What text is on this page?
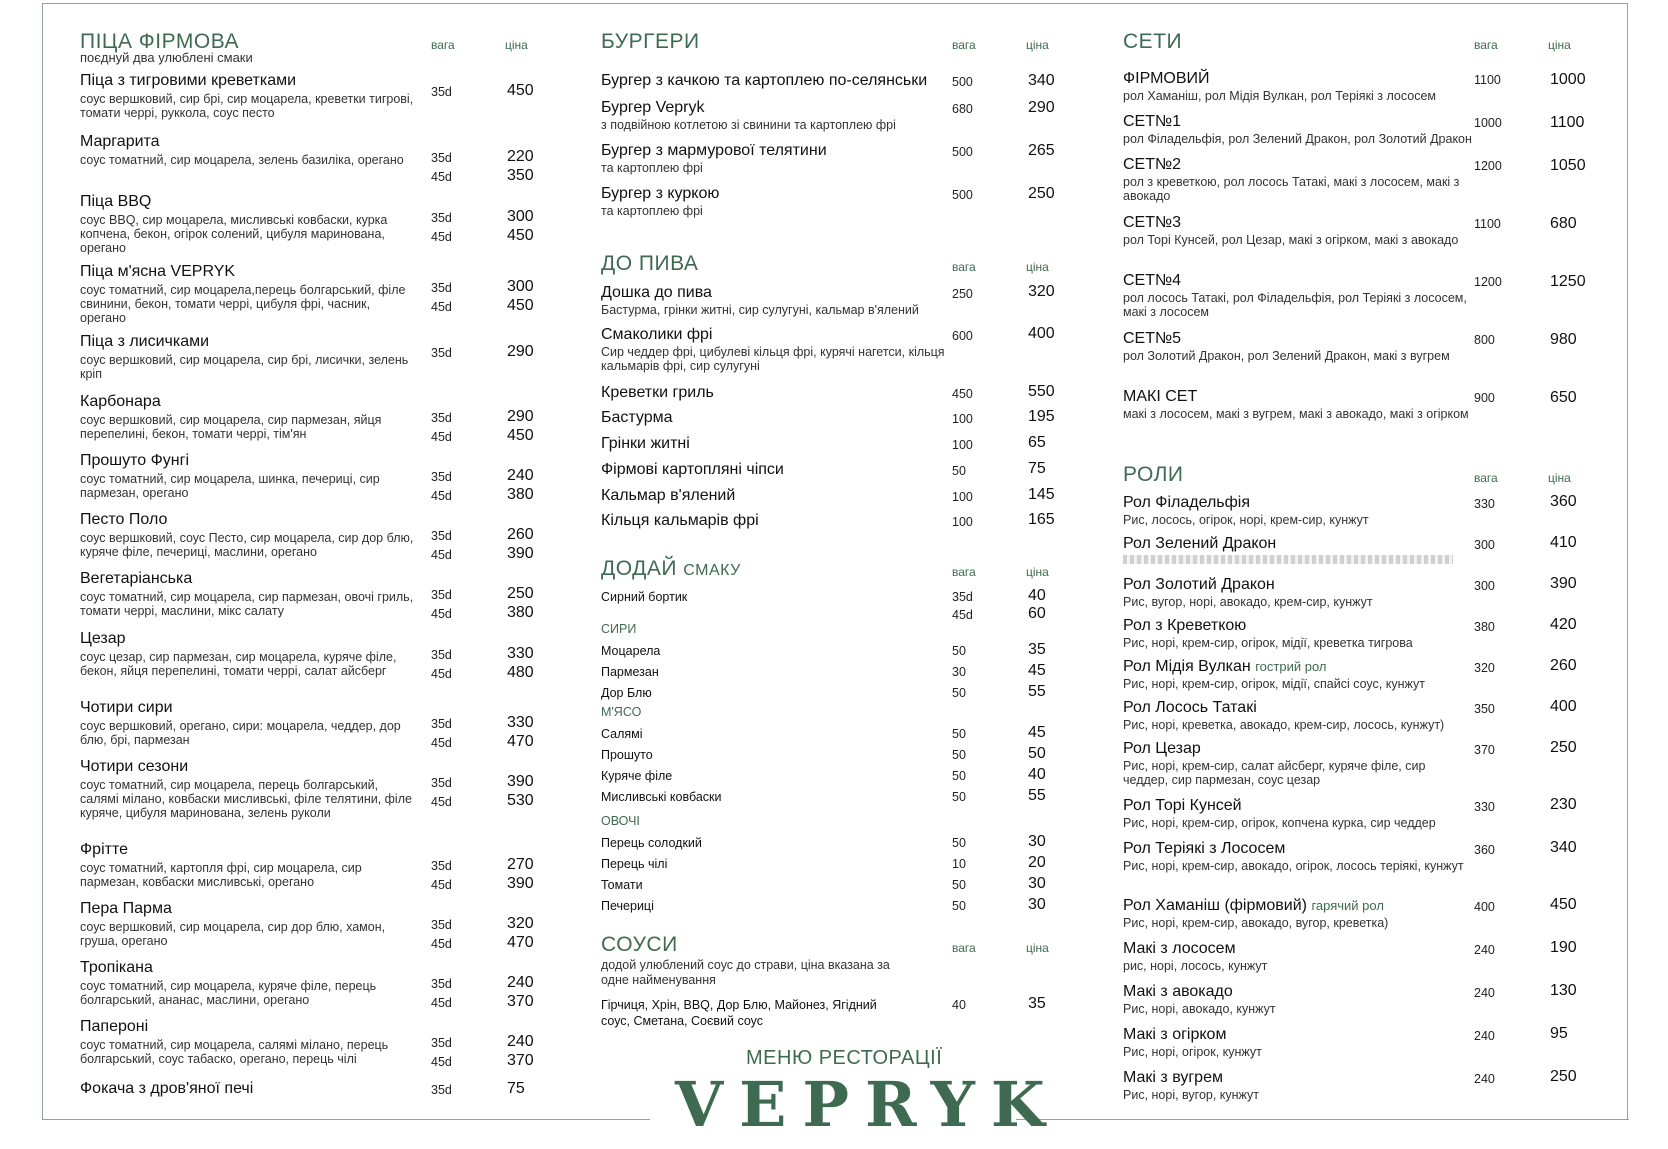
ПІЦА ФІРМОВА
поєднуй два улюблені смаки
вага	ціна
Піца з тигровими креветками
соус вершковий, сир брі, сир моцарела, креветки тигрові, томати черрі, руккола, соус песто
35d	450
Маргарита
соус томатний, сир моцарела, зелень базиліка, орегано	35d	220
45d	350
Піца BBQ
соус BBQ, сир моцарела, мисливські ковбаски, курка копчена, бекон, огірок солений, цибуля маринована, орегано
35d	300
45d	450
Піца м'ясна VEPRYK
соус томатний, сир моцарела,перець болгарський, філе свинини, бекон, томати черрі, цибуля фрі, часник, орегано
35d	300
45d	450
Піца з лисичками
соус вершковий, сир моцарела, сир брі, лисички, зелень кріп
35d	290
Карбонара
соус вершковий, сир моцарела, сир пармезан, яйця перепелині, бекон, томати черрі, тім'ян
35d	290
45d	450
Прошуто Фунгі
соус томатний, сир моцарела, шинка, печериці, сир пармезан, орегано
35d	240
45d	380
Песто Поло
соус вершковий, соус Песто, сир моцарела, сир дор блю, куряче філе, печериці, маслини, орегано
35d	260
45d	390
Вегетаріанська
соус томатний, сир моцарела, сир пармезан, овочі гриль, томати черрі, маслини, мікс салату
35d	250
45d	380
Цезар
соус цезар, сир пармезан, сир моцарела, куряче філе, бекон, яйця перепелині, томати черрі, салат айсберг
35d	330
45d	480
Чотири сири
соус вершковий, орегано, сири: моцарела, чеддер, дор блю, брі, пармезан
35d	330
45d	470
Чотири сезони
соус томатний, сир моцарела, перець болгарський, салямі мілано, ковбаски мисливські, філе телятини, філе куряче, цибуля маринована, зелень руколи
35d	390
45d	530
Фрітте
соус томатний, картопля фрі, сир моцарела, сир пармезан, ковбаски мисливські, орегано
35d	270
45d	390
Пера Парма
соус вершковий, сир моцарела, сир дор блю, хамон, груша, орегано
35d	320
45d	470
Тропікана
соус томатний, сир моцарела, куряче філе, перець болгарський, ананас, маслини, орегано
35d	240
45d	370
Папероні
соус томатний, сир моцарела, салямі мілано, перець болгарський, соус табаско, орегано, перець чілі
35d	240
45d	370
Фокача з дров'яної печі	35d	75
БУРГЕРИ	вага	ціна
Бургер з качкою та картоплею по-селянськи 500	340
Бургер Vepryk
з подвійною котлетою зі свинини та картоплею фрі
680	290
Бургер з мармурової телятини
та картоплею фрі
500	265
Бургер з куркою
та картоплею фрі
500	250
ДО ПИВА	вага	ціна
Дошка до пива
Бастурма, грінки житні, сир сулугуні, кальмар в'ялений
250	320
Смаколики фрі
Сир чеддер фрі, цибулеві кільця фрі, курячі нагетси, кільця кальмарів фрі, сир сулугуні
600	400
Креветки гриль	450	550
Бастурма	100	195
Грінки житні	100	65
Фірмові картопляні чіпси	50	75
Кальмар в'ялений	100	145
Кільця кальмарів фрі	100	165
ДОДАЙ СМАКУ	вага	ціна
Сирний бортик	35d	40
45d	60
СИРИ
Моцарела	50	35
Пармезан	30	45
Дор Блю	50	55
М'ЯСО
Салямі	50	45
Прошуто	50	50
Куряче філе	50	40
Мисливські ковбаски	50	55
ОВОЧІ
Перець солодкий	50	30
Перець чілі	10	20
Томати	50	30
Печериці	50	30
СОУСИ
додой улюблений соус до страви, ціна вказана за одне найменування
вага	ціна
Гірчиця, Хрін, BBQ, Дор Блю, Майонез, Ягідний соус, Сметана, Соєвий соус
40	35
СЕТИ	вага	ціна
ФІРМОВИЙ
рол Хаманіш, рол Мідія Вулкан, рол Теріякі з лососем
1100	1000
СЕТ№1
рол Філадельфія, рол Зелений Дракон, рол Золотий Дракон
1000	1100
СЕТ№2
рол з креветкою, рол лосось Татакі, макі з лососем, макі з авокадо
1200	1050
СЕТ№3
рол Торі Кунсей, рол Цезар, макі з огірком, макі з авокадо
1100	680
СЕТ№4
рол лосось Татакі, рол Філадельфія, рол Теріякі з лососем, макі з лососем
1200	1250
СЕТ№5
рол Золотий Дракон, рол Зелений Дракон, макі з вугрем
800	980
МАКІ СЕТ
макі з лососем, макі з вугрем, макі з авокадо, макі з огірком
900	650
РОЛИ	вага	ціна
Рол Філадельфія
Рис, лосось, огірок, норі, крем-сир, кунжут
330	360
Рол Зелений Дракон	300	410
Рол Золотий Дракон
Рис, вугор, норі, авокадо, крем-сир, кунжут
300	390
Рол з Креветкою
Рис, норі, крем-сир, огірок, мідії, креветка тигрова
380	420
Рол Мідія Вулкан гострий рол
Рис, норі, крем-сир, огірок, мідії, спайсі соус, кунжут
320	260
Рол Лосось Татакі
Рис, норі, креветка, авокадо, крем-сир, лосось, кунжут)
350	400
Рол Цезар
Рис, норі, крем-сир, салат айсберг, куряче філе, сир чеддер, сир пармезан, соус цезар
370	250
Рол Торі Кунсей
Рис, норі, крем-сир, огірок, копчена курка, сир чеддер
330	230
Рол Теріякі з Лососем
Рис, норі, крем-сир, авокадо, огірок, лосось теріякі, кунжут
360	340
Рол Хаманіш (фірмовий) гарячий рол
Рис, норі, крем-сир, авокадо, вугор, креветка)
400	450
Макі з лососем
рис, норі, лосось, кунжут
240	190
Макі з авокадо
Рис, норі, авокадо, кунжут
240	130
Макі з огірком
Рис, норі, огірок, кунжут
240	95
Макі з вугрем
Рис, норі, вугор, кунжут
240	250
МЕНЮ РЕСТОРАЦІЇ
VEPRYK
